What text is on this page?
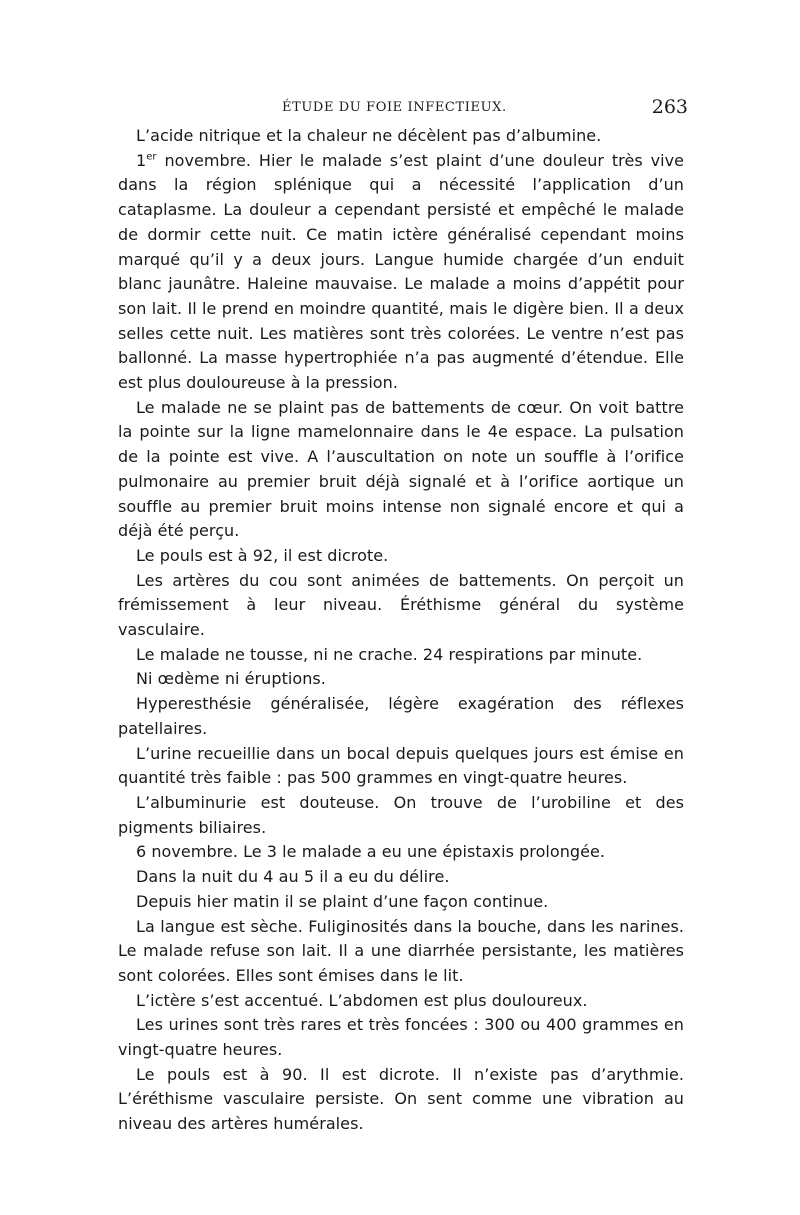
ÉTUDE DU FOIE INFECTIEUX.	263

L’acide nitrique et la chaleur ne décèlent pas d’albumine.

1er novembre. Hier le malade s’est plaint d’une douleur très vive dans la région splénique qui a nécessité l’application d’un cataplasme. La douleur a cependant persisté et empêché le malade de dormir cette nuit. Ce matin ictère généralisé cependant moins marqué qu’il y a deux jours. Langue humide chargée d’un enduit blanc jaunâtre. Haleine mauvaise. Le malade a moins d’appétit pour son lait. Il le prend en moindre quantité, mais le digère bien. Il a deux selles cette nuit. Les matières sont très colorées. Le ventre n’est pas ballonné. La masse hypertrophiée n’a pas augmenté d’étendue. Elle est plus douloureuse à la pression.

Le malade ne se plaint pas de battements de cœur. On voit battre la pointe sur la ligne mamelonnaire dans le 4e espace. La pulsation de la pointe est vive. A l’auscultation on note un souffle à l’orifice pulmonaire au premier bruit déjà signalé et à l’orifice aortique un souffle au premier bruit moins intense non signalé encore et qui a déjà été perçu.

Le pouls est à 92, il est dicrote.

Les artères du cou sont animées de battements. On perçoit un frémissement à leur niveau. Éréthisme général du système vasculaire.

Le malade ne tousse, ni ne crache. 24 respirations par minute.

Ni œdème ni éruptions.

Hyperesthésie généralisée, légère exagération des réflexes patellaires.

L’urine recueillie dans un bocal depuis quelques jours est émise en quantité très faible : pas 500 grammes en vingt-quatre heures.

L’albuminurie est douteuse. On trouve de l’urobiline et des pigments biliaires.

6 novembre. Le 3 le malade a eu une épistaxis prolongée.

Dans la nuit du 4 au 5 il a eu du délire.

Depuis hier matin il se plaint d’une façon continue.

La langue est sèche. Fuliginosités dans la bouche, dans les narines. Le malade refuse son lait. Il a une diarrhée persistante, les matières sont colorées. Elles sont émises dans le lit.

L’ictère s’est accentué. L’abdomen est plus douloureux.

Les urines sont très rares et très foncées : 300 ou 400 grammes en vingt-quatre heures.

Le pouls est à 90. Il est dicrote. Il n’existe pas d’arythmie. L’éréthisme vasculaire persiste. On sent comme une vibration au niveau des artères humérales.
